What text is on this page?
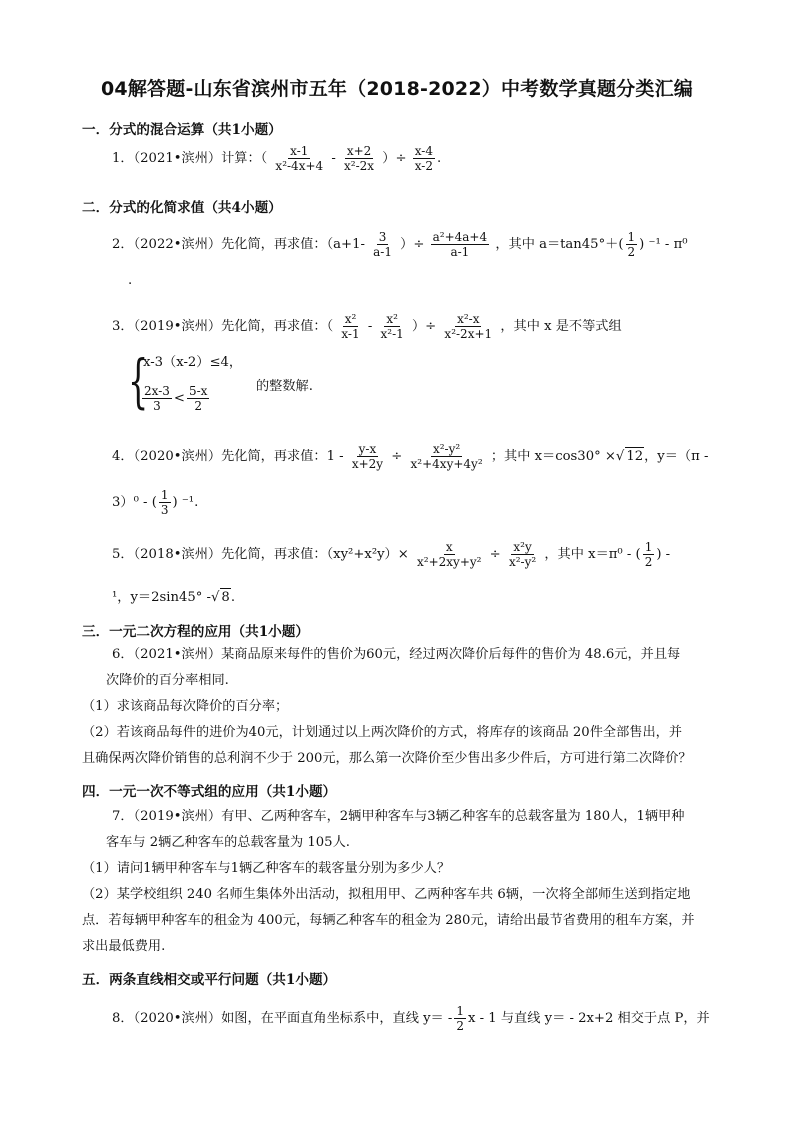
04解答题-山东省滨州市五年（2018-2022）中考数学真题分类汇编
一．分式的混合运算（共1小题）
1．（2021•滨州）计算：（ $\frac{x-1}{\text{x²-4x+4}} - \frac{x+2}{\text{x²-2x}}$ ）÷ $\frac{x-4}{x-2}$ .
二．分式的化简求值（共4小题）
2．（2022•滨州）先化简，再求值：（$a+1- \frac{3}{a-1}$ ）÷ $\frac{\text{a²+4a+4}}{a-1}$ ，其中 $a=\tan 45^\circ+( \frac{1}{2}$ ) ⁻¹ - π⁰
.
3．（2019•滨州）先化简，再求值：（ $\frac{\text{x²}}{x-1} - \frac{\text{x²}}{\text{x²-1}}$ ）÷ $\frac{\text{x²-x}}{\text{x²-2x+1}}$ ，其中 x 是不等式组
{
x-3（x-2）≤4，
$\frac{2x-3}{3} < \frac{5-x}{2}$	的整数解.
4．（2020•滨州）先化简，再求值：$1 - \frac{y-x}{x+2y} \div \frac{\text{x²-y²}}{\text{x²+4xy+4y²}}$ ；其中 x＝cos30° ×√ 12，y＝（π -
3）⁰ - ( $\frac{1}{3}$ ) ⁻¹.
5．（2018•滨州）先化简，再求值：$(xy^2+x^2y)\times \frac{x}{\text{x²+2xy+y²}} \div \frac{\text{x²y}}{\text{x²-y²}}$ ，其中 x＝π⁰ - ( $\frac{1}{2}$ ) -
¹，y＝2sin45° -√ 8.
三．一元二次方程的应用（共1小题）
6．（2021•滨州）某商品原来每件的售价为60元，经过两次降价后每件的售价为 48.6元，并且每
次降价的百分率相同.
（1）求该商品每次降价的百分率；
（2）若该商品每件的进价为40元，计划通过以上两次降价的方式，将库存的该商品 20件全部售出，并
且确保两次降价销售的总利润不少于 200元，那么第一次降价至少售出多少件后，方可进行第二次降价？
四．一元一次不等式组的应用（共1小题）
7．（2019•滨州）有甲、乙两种客车，2辆甲种客车与3辆乙种客车的总载客量为 180人，1辆甲种
客车与 2辆乙种客车的总载客量为 105人.
（1）请问1辆甲种客车与1辆乙种客车的载客量分别为多少人？
（2）某学校组织 240 名师生集体外出活动，拟租用甲、乙两种客车共 6辆，一次将全部师生送到指定地
点．若每辆甲种客车的租金为 400元，每辆乙种客车的租金为 280元，请给出最节省费用的租车方案，并
求出最低费用.
五．两条直线相交或平行问题（共1小题）
8．（2020•滨州）如图，在平面直角坐标系中，直线 $y= - \frac{1}{2}$ x - 1 与直线 y＝ - 2x+2 相交于点 P，并
